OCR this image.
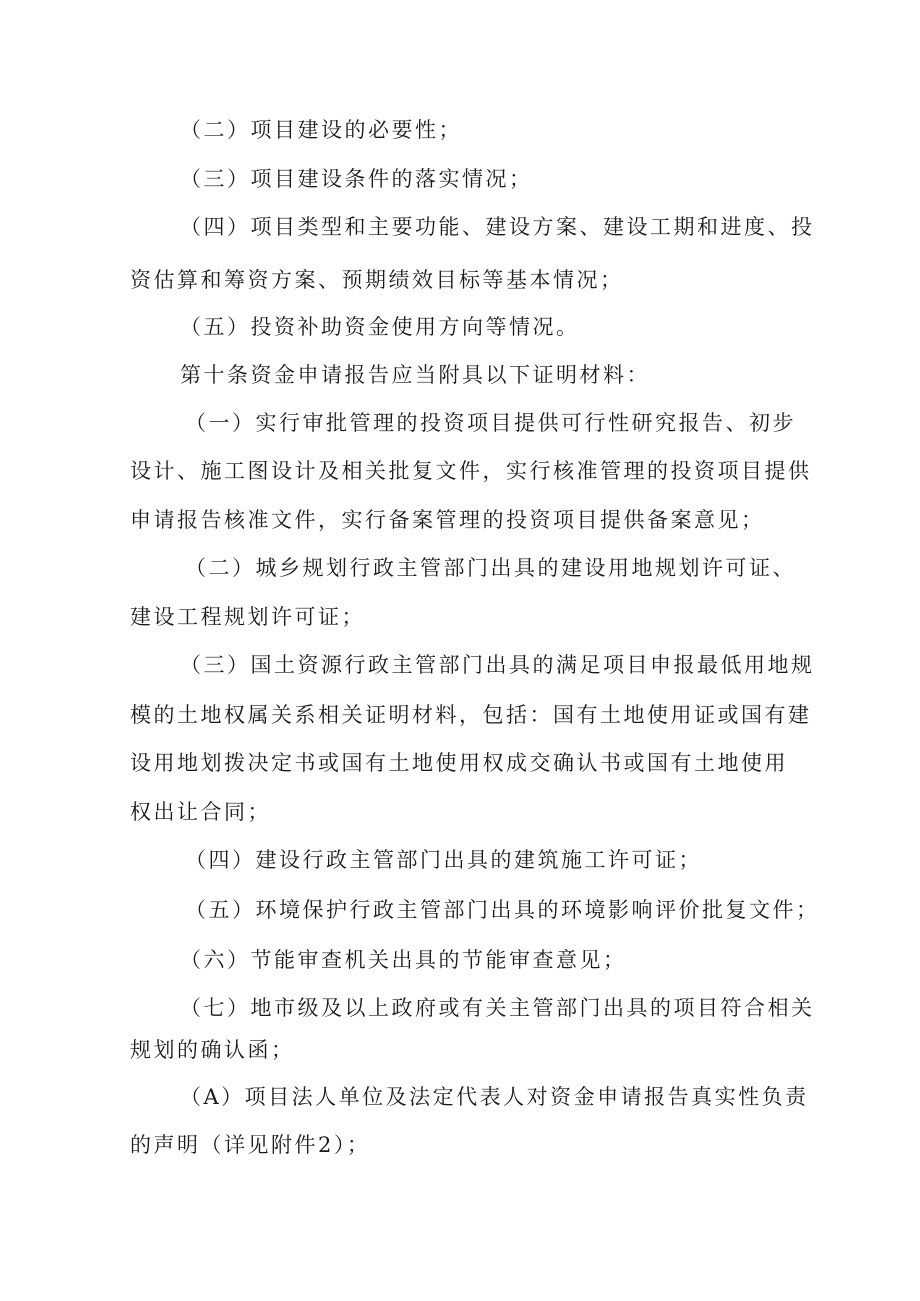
（二）项目建设的必要性；
（三）项目建设条件的落实情况；
（四）项目类型和主要功能、建设方案、建设工期和进度、投
资估算和筹资方案、预期绩效目标等基本情况；
（五）投资补助资金使用方向等情况。
第十条资金申请报告应当附具以下证明材料：
（一）实行审批管理的投资项目提供可行性研究报告、初步
设计、施工图设计及相关批复文件，实行核准管理的投资项目提供
申请报告核准文件，实行备案管理的投资项目提供备案意见；
（二）城乡规划行政主管部门出具的建设用地规划许可证、
建设工程规划许可证；
（三）国土资源行政主管部门出具的满足项目申报最低用地规
模的土地权属关系相关证明材料，包括：国有土地使用证或国有建
设用地划拨决定书或国有土地使用权成交确认书或国有土地使用
权出让合同；
（四）建设行政主管部门出具的建筑施工许可证；
（五）环境保护行政主管部门出具的环境影响评价批复文件；
（六）节能审查机关出具的节能审查意见；
（七）地市级及以上政府或有关主管部门出具的项目符合相关
规划的确认函；
（A）项目法人单位及法定代表人对资金申请报告真实性负责
的声明（详见附件2）；
